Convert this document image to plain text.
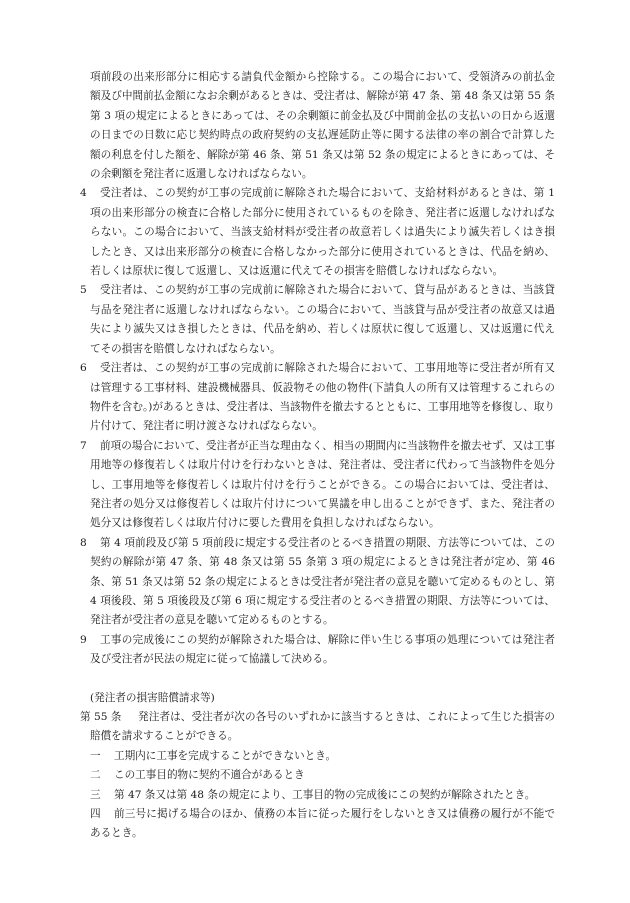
項前段の出来形部分に相応する請負代金額から控除する。この場合において、受領済みの前払金額及び中間前払金額になお余剰があるときは、受注者は、解除が第 47 条、第 48 条又は第 55 条第 3 項の規定によるときにあっては、その余剰額に前金払及び中間前金払の支払いの日から返還の日までの日数に応じ契約時点の政府契約の支払遅延防止等に関する法律の率の割合で計算した額の利息を付した額を、解除が第 46 条、第 51 条又は第 52 条の規定によるときにあっては、その余剰額を発注者に返還しなければならない。

4 受注者は、この契約が工事の完成前に解除された場合において、支給材料があるときは、第 1 項の出来形部分の検査に合格した部分に使用されているものを除き、発注者に返還しなければならない。この場合において、当該支給材料が受注者の故意若しくは過失により滅失若しくはき損したとき、又は出来形部分の検査に合格しなかった部分に使用されているときは、代品を納め、若しくは原状に復して返還し、又は返還に代えてその損害を賠償しなければならない。
5 受注者は、この契約が工事の完成前に解除された場合において、貸与品があるときは、当該貸与品を発注者に返還しなければならない。この場合において、当該貸与品が受注者の故意又は過失により滅失又はき損したときは、代品を納め、若しくは原状に復して返還し、又は返還に代えてその損害を賠償しなければならない。
6 受注者は、この契約が工事の完成前に解除された場合において、工事用地等に受注者が所有又は管理する工事材料、建設機械器具、仮設物その他の物件(下請負人の所有又は管理するこれらの物件を含む。)があるときは、受注者は、当該物件を撤去するとともに、工事用地等を修復し、取り片付けて、発注者に明け渡さなければならない。
7 前項の場合において、受注者が正当な理由なく、相当の期間内に当該物件を撤去せず、又は工事用地等の修復若しくは取片付けを行わないときは、発注者は、受注者に代わって当該物件を処分し、工事用地等を修復若しくは取片付けを行うことができる。この場合においては、受注者は、発注者の処分又は修復若しくは取片付けについて異議を申し出ることができず、また、発注者の処分又は修復若しくは取片付けに要した費用を負担しなければならない。
8 第 4 項前段及び第 5 項前段に規定する受注者のとるべき措置の期限、方法等については、この契約の解除が第 47 条、第 48 条又は第 55 条第 3 項の規定によるときは発注者が定め、第 46 条、第 51 条又は第 52 条の規定によるときは受注者が発注者の意見を聴いて定めるものとし、第 4 項後段、第 5 項後段及び第 6 項に規定する受注者のとるべき措置の期限、方法等については、発注者が受注者の意見を聴いて定めるものとする。
9 工事の完成後にこの契約が解除された場合は、解除に伴い生じる事項の処理については発注者及び受注者が民法の規定に従って協議して決める。
(発注者の損害賠償請求等)
第 55 条 発注者は、受注者が次の各号のいずれかに該当するときは、これによって生じた損害の賠償を請求することができる。
一 工期内に工事を完成することができないとき。
二 この工事目的物に契約不適合があるとき
三 第 47 条又は第 48 条の規定により、工事目的物の完成後にこの契約が解除されたとき。
四 前三号に掲げる場合のほか、債務の本旨に従った履行をしないとき又は債務の履行が不能であるとき。
